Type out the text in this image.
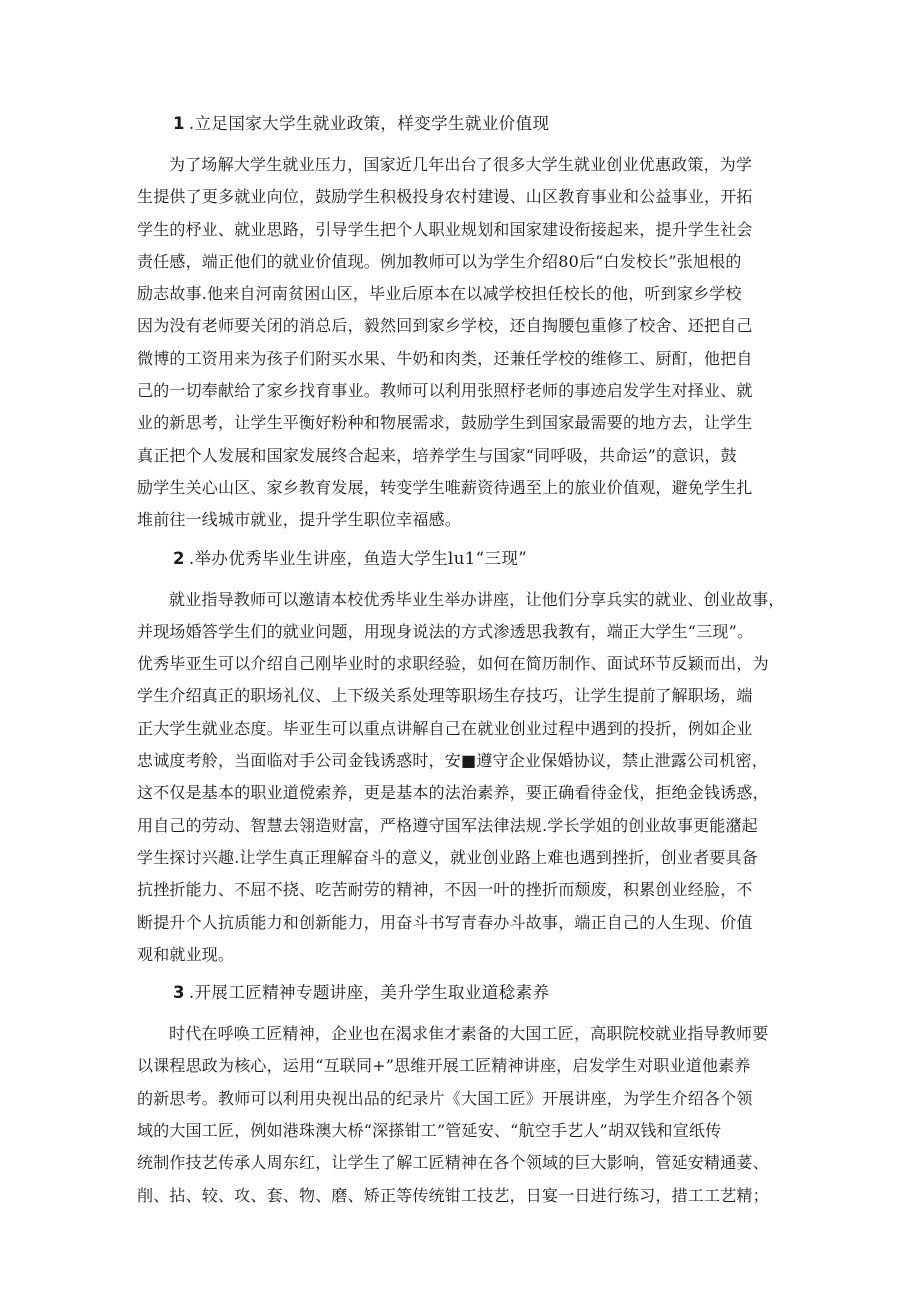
1 .立足国家大学生就业政策，样变学生就业价值现
为了场解大学生就业压力，国家近几年出台了很多大学生就业创业优惠政策，为学
生提供了更多就业向位，鼓励学生积极投身农村建谩、山区教育事业和公益事业，开拓
学生的杼业、就业思路，引导学生把个人职业规划和国家建设衔接起来，提升学生社会
责任感，端正他们的就业价值现。例加教师可以为学生介绍80后“白发校长”张旭根的
励志故事.他来自河南贫困山区，毕业后原本在以减学校担任校长的他，听到家乡学校
因为没有老师要关闭的消总后，毅然回到家乡学校，还自掏腰包重修了校舍、还把自己
微博的工资用来为孩子们附买水果、牛奶和肉类，还兼任学校的维修工、厨酊，他把自
己的一切奉献给了家乡找育事业。教师可以利用张照杼老师的事迹启发学生对择业、就
业的新思考，让学生平衡好粉种和物展需求，鼓励学生到国家最需要的地方去，让学生
真正把个人发展和国家发展终合起来，培养学生与国家“同呼吸，共命运”的意识，鼓
励学生关心山区、家乡教育发展，转变学生唯薪资待遇至上的旅业价值观，避免学生扎
堆前往一线城市就业，提升学生职位幸福感。
2 .举办优秀毕业生讲座，鱼造大学生lu1“三现”
就业指导教师可以邀请本校优秀毕业生举办讲座，让他们分享兵实的就业、创业故事，
并现场婚答学生们的就业问题，用现身说法的方式渗透思我教有，端正大学生“三现”。
优秀毕亚生可以介绍自己刚毕业时的求职经验，如何在简历制作、面试环节反颖而出，为
学生介绍真正的职场礼仪、上下级关系处理等职场生存技巧，让学生提前了解职场，端
正大学生就业态度。毕亚生可以重点讲解自己在就业创业过程中遇到的投折，例如企业
忠诚度考舲，当面临对手公司金钱诱惑时，安■遵守企业保婚协议，禁止泄露公司机密，
这不仅是基本的职业道傥索养，更是基本的法治素养，要正确看待金伐，拒绝金钱诱惑，
用自己的劳动、智慧去翎造财富，严格遵守国军法律法规.学长学姐的创业故事更能潴起
学生探讨兴趣.让学生真正理解奋斗的意义，就业创业路上难也遇到挫折，创业者要具备
抗挫折能力、不屈不挠、吃苦耐劳的精神，不因一叶的挫折而颓废，积累创业经脸，不
断提升个人抗质能力和创新能力，用奋斗书写青春办斗故事，端正自己的人生现、价值
观和就业现。
3 .开展工匠精神专题讲座，美升学生取业道稔素养
时代在呼唤工匠精神，企业也在渴求隹才素备的大国工匠，高职院校就业指导教师要
以课程思政为核心，运用“互联同+”思维开展工匠精神讲座，启发学生对职业道他素养
的新思考。教师可以利用央视出品的纪录片《大国工匠》开展讲座，为学生介绍各个领
域的大国工匠，例如港珠澳大桥“深搽钳工”管延安、“航空手艺人”胡双钱和宣纸传
统制作技艺传承人周东红，让学生了解工匠精神在各个领域的巨大影响，管延安精通荽、
削、拈、较、攻、套、物、磨、矫正等传统钳工技艺，日宴一日进行练习，措工工艺精；
